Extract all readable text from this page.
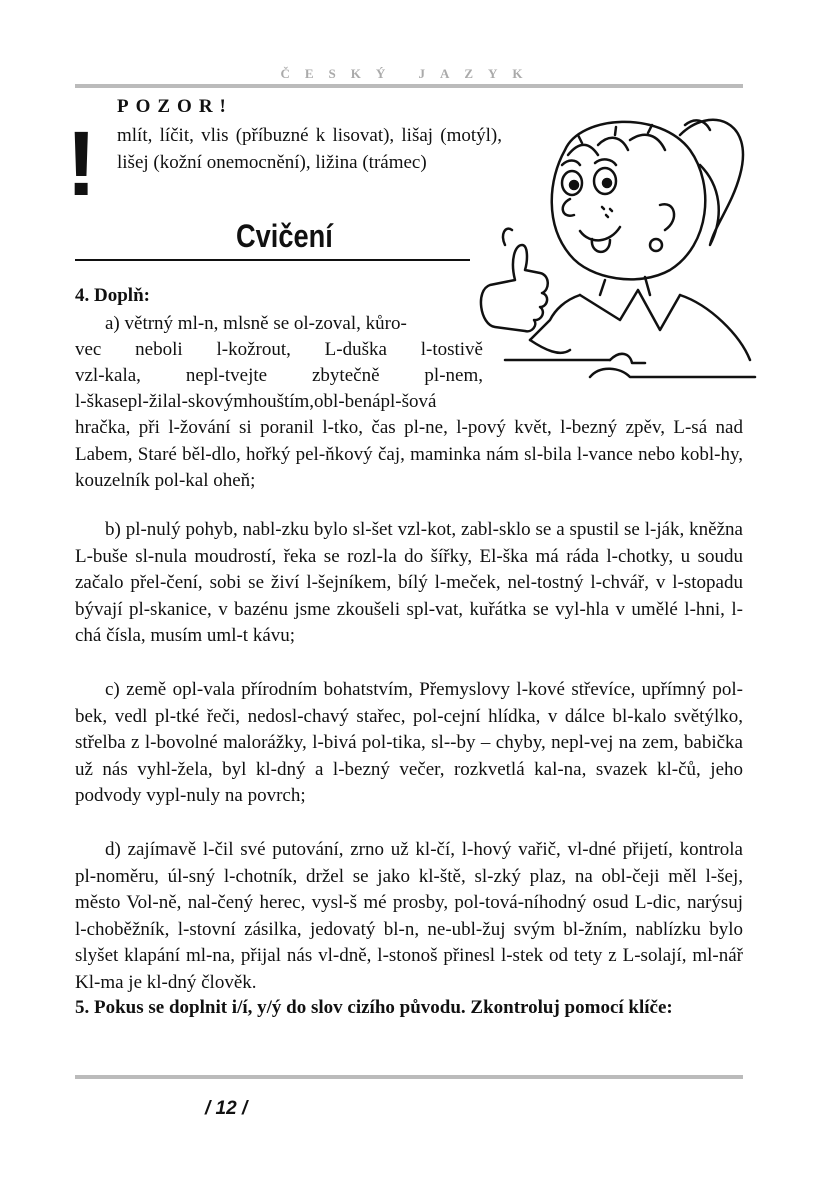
ČESKÝ JAZYK
POZOR!
! mlít, líčit, vlis (příbuzné k lisovat), lišaj (motýl), lišej (kožní onemocnění), ližina (trámec)
Cvičení
4. Doplň:
a) větrný ml-n, mlsně se ol-zoval, kůro-
vec neboli l-kožrout, L-duška l-tostivě
vzl-kala, nepl-tvejte zbytečně pl-nem,
l-škasepl-žilal-skovýmhouštím,obl-benápl-šová
hračka, při l-žování si poranil l-tko, čas pl-ne, l-pový květ, l-bezný zpěv, L-sá nad Labem, Staré běl-dlo, hořký pel-ňkový čaj, maminka nám sl-bila l-vance nebo kobl-hy, kouzelník pol-kal oheň;
b) pl-nulý pohyb, nabl-zku bylo sl-šet vzl-kot, zabl-sklo se a spustil se l-ják, kněžna L-buše sl-nula moudrostí, řeka se rozl-la do šířky, El-ška má ráda l-chotky, u soudu začalo přel-čení, sobi se živí l-šejníkem, bílý l-meček, nel-tostný l-chvář, v l-stopadu bývají pl-skanice, v bazénu jsme zkoušeli spl-vat, kuřátka se vyl-hla v umělé l-hni, l-chá čísla, musím uml-t kávu;
c) země opl-vala přírodním bohatstvím, Přemyslovy l-kové střevíce, upřímný pol-bek, vedl pl-tké řeči, nedosl-chavý stařec, pol-cejní hlídka, v dálce bl-kalo světýlko, střelba z l-bovolné malorážky, l-bivá pol-tika, sl--by – chyby, nepl-vej na zem, babička už nás vyhl-žela, byl kl-dný a l-bezný večer, rozkvetlá kal-na, svazek kl-čů, jeho podvody vypl-nuly na povrch;
d) zajímavě l-čil své putování, zrno už kl-čí, l-hový vařič, vl-dné přijetí, kontrola pl-noměru, úl-sný l-chotník, držel se jako kl-ště, sl-zký plaz, na obl-čeji měl l-šej, město Vol-ně, nal-čený herec, vysl-š mé prosby, pol-tová-níhodný osud L-dic, narýsuj l-choběžník, l-stovní zásilka, jedovatý bl-n, ne-ubl-žuj svým bl-žním, nablízku bylo slyšet klapání ml-na, přijal nás vl-dně, l-stonoš přinesl l-stek od tety z L-solají, ml-nář Kl-ma je kl-dný člověk.
5. Pokus se doplnit i/í, y/ý do slov cizího původu. Zkontroluj pomocí klíče:
/ 12 /
